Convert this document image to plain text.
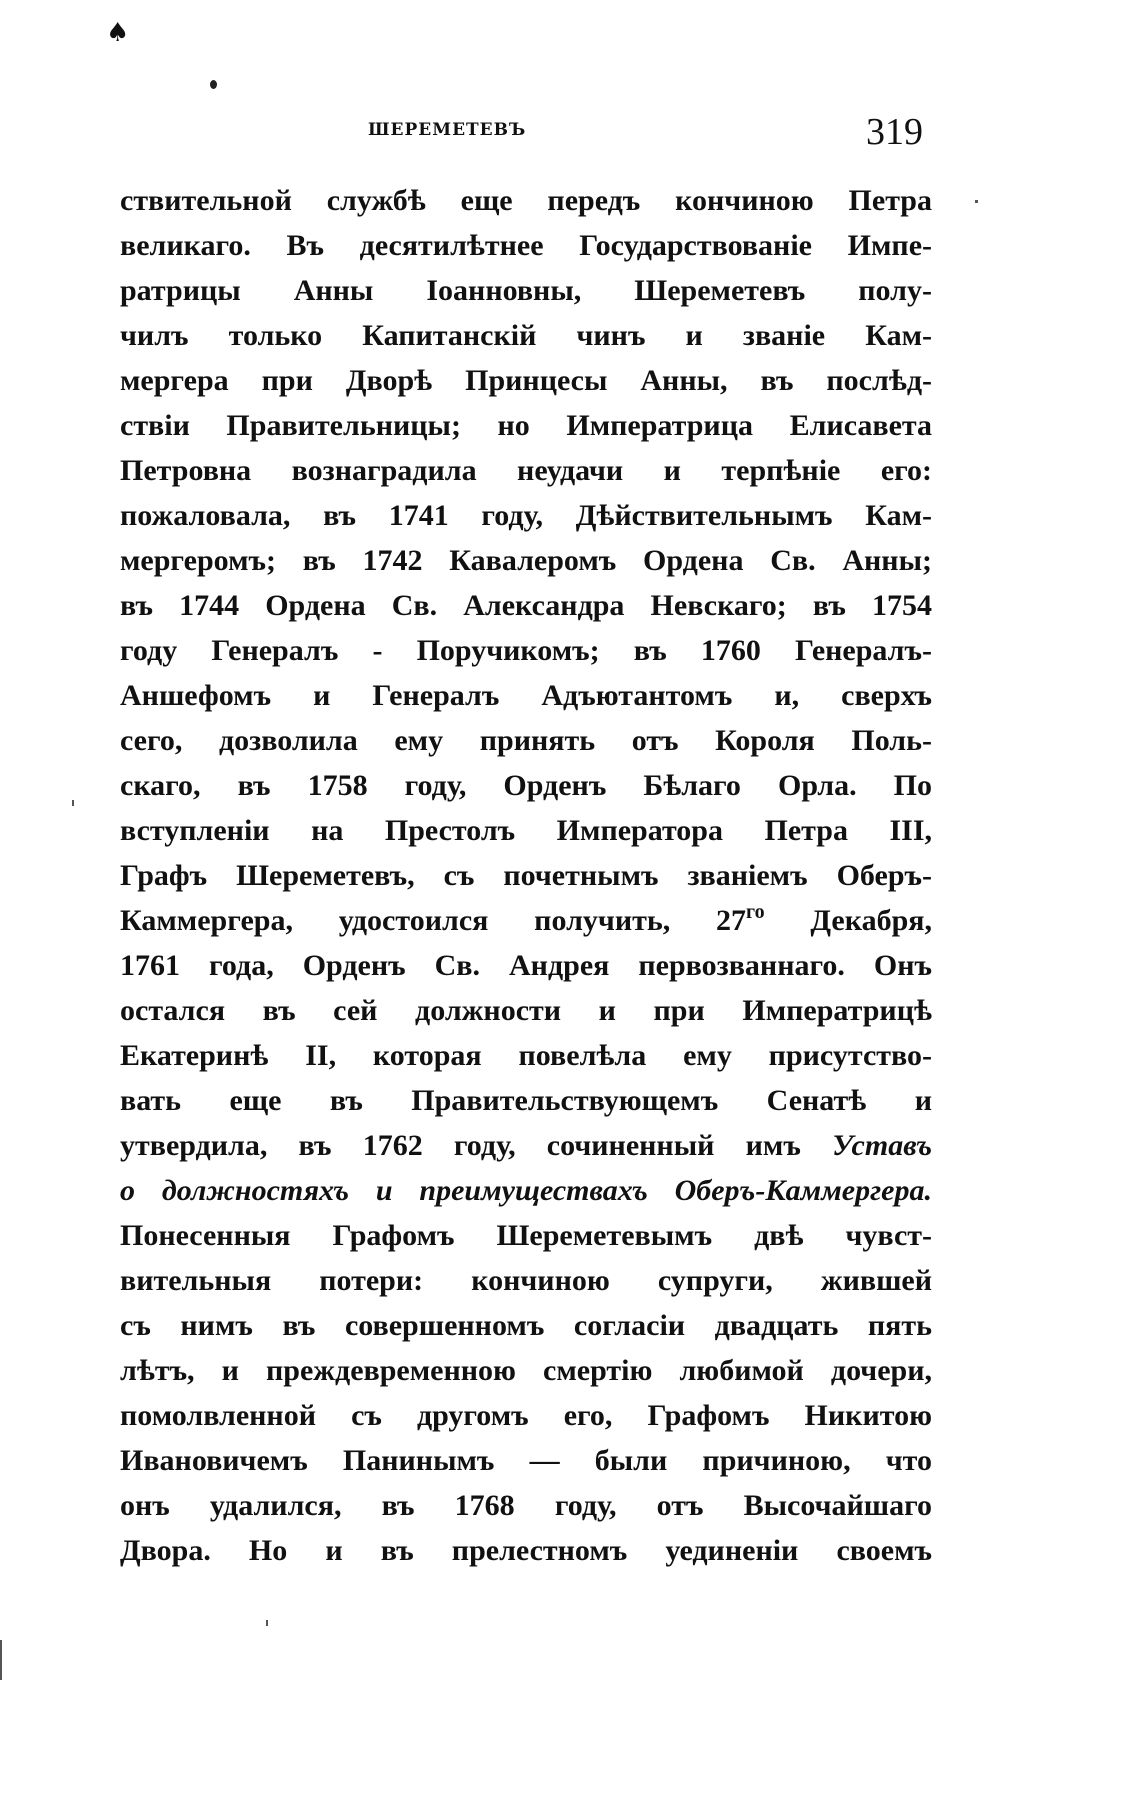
♠
ШЕРЕМЕТЕВЪ	319
ствительной службѣ еще передъ кончиною Петра
великаго. Въ десятилѣтнее Государствованіе Импе-
ратрицы Анны Іоанновны, Шереметевъ полу-
чилъ только Капитанскій чинъ и званіе Кам-
мергера при Дворѣ Принцесы Анны, въ послѣд-
ствіи Правительницы; но Императрица Елисавета
Петровна вознаградила неудачи и терпѣніе его:
пожаловала, въ 1741 году, Дѣйствительнымъ Кам-
мергеромъ; въ 1742 Кавалеромъ Ордена Св. Анны;
въ 1744 Ордена Св. Александра Невскаго; въ 1754
году Генералъ - Поручикомъ; въ 1760 Генералъ-
Аншефомъ и Генералъ Адъютантомъ и, сверхъ
сего, дозволила ему принять отъ Короля Поль-
скаго, въ 1758 году, Орденъ Бѣлаго Орла. По
вступленіи на Престолъ Императора Петра III,
Графъ Шереметевъ, съ почетнымъ званіемъ Оберъ-
Каммергера, удостоился получить, $27^{го}$ Декабря,
1761 года, Орденъ Св. Андрея первозваннаго. Онъ
остался въ сей должности и при Императрицѣ
Екатеринѣ II, которая повелѣла ему присутство-
вать еще въ Правительствующемъ Сенатѣ и
утвердила, въ 1762 году, сочиненный имъ Уставъ
о должностяхъ и преимуществахъ Оберъ-Каммергера.
Понесенныя Графомъ Шереметевымъ двѣ чувст-
вительныя потери: кончиною супруги, жившей
съ нимъ въ совершенномъ согласіи двадцать пять
лѣтъ, и преждевременною смертію любимой дочери,
помолвленной съ другомъ его, Графомъ Никитою
Ивановичемъ Панинымъ — были причиною, что
онъ удалился, въ 1768 году, отъ Высочайшаго
Двора. Но и въ прелестномъ уединеніи своемъ
